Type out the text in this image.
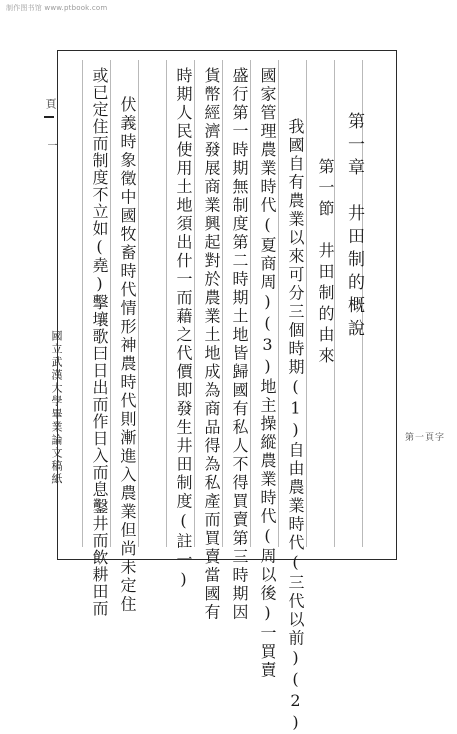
制作图书馆 www.ptbook.com
第一章　井田制的概說
第一節　井田制的由來
我國自有農業以來可分三個時期(1)自由農業時代(三代以前)(2)
國家管理農業時代(夏商周)(3)地主操縱農業時代(周以後)一買賣
盛行第一時期無制度第二時期土地皆歸國有私人不得買賣第三時期因
貨幣經濟發展商業興起對於農業土地成為商品得為私產而買賣當國有
時期人民使用土地須出什一而藉之代價即發生井田制度(註一)
伏義時象徵中國牧畜時代情形神農時代則漸進入農業但尚未定住
或已定住而制度不立如(堯)擊壤歌曰日出而作日入而息鑿井而飲耕田而
頁
一
國立武漢大學畢業論文稿紙	第一頁字
